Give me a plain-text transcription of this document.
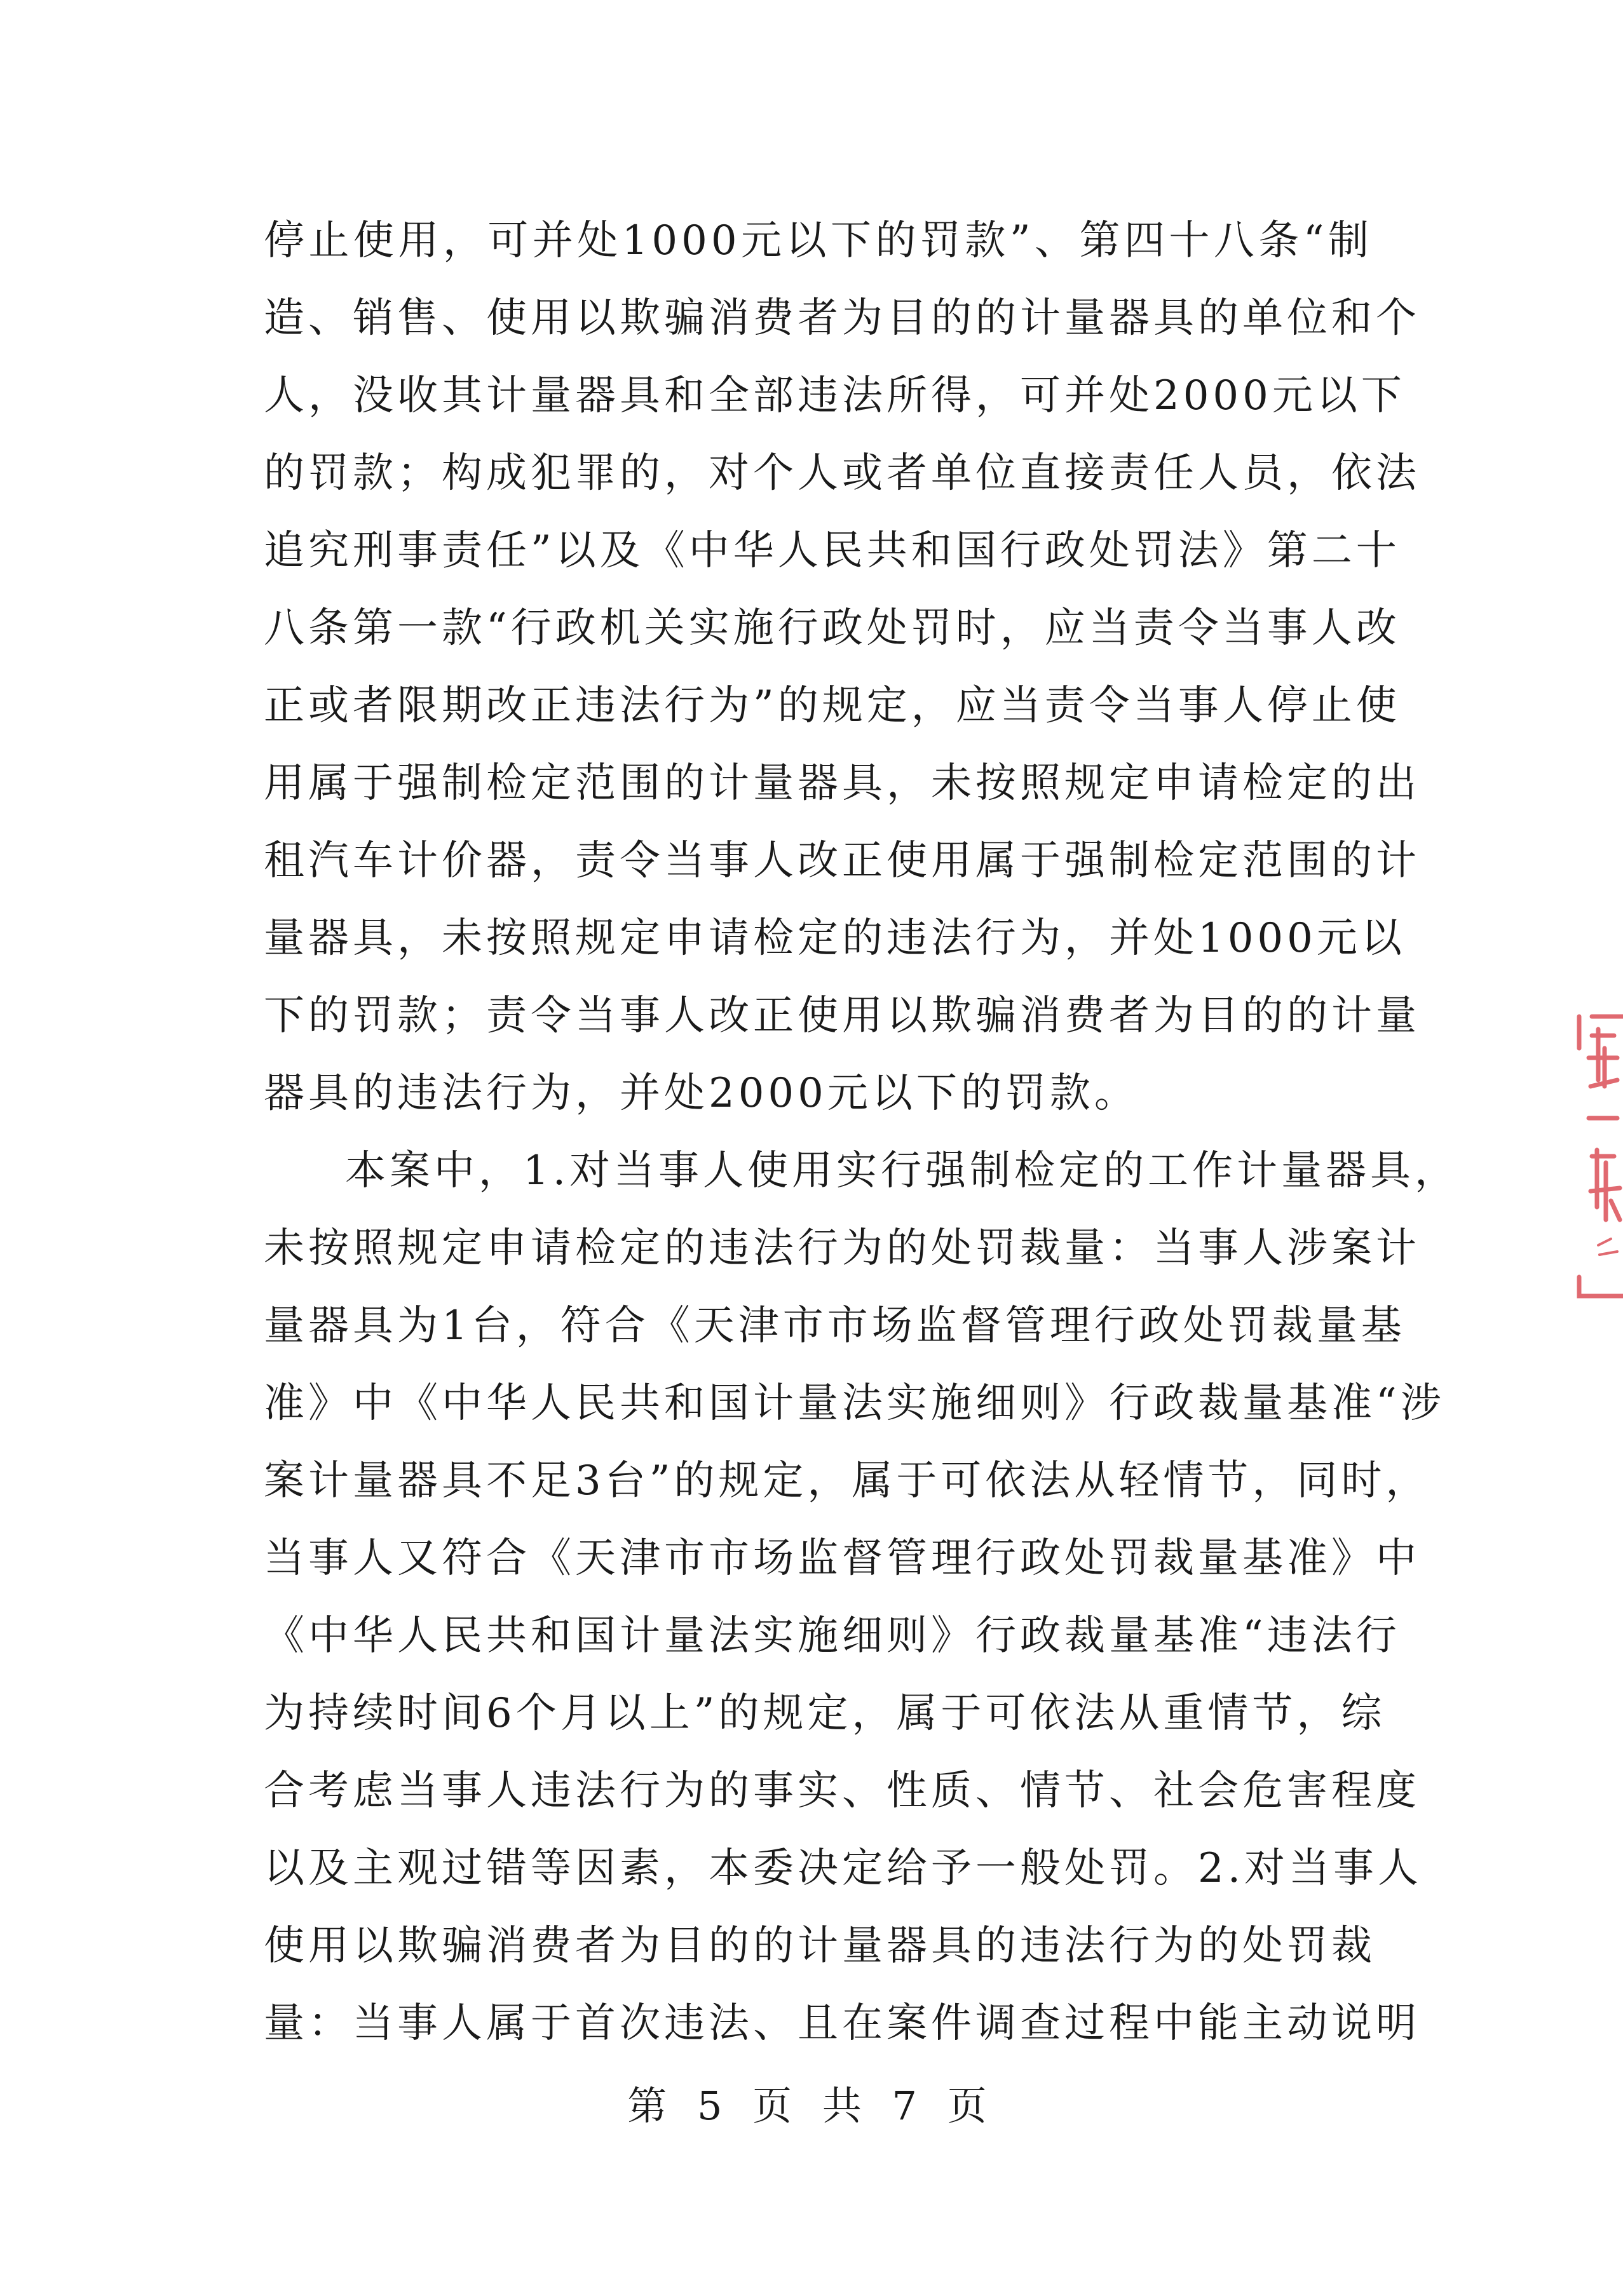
停止使用，可并处1000元以下的罚款”、第四十八条“制
造、销售、使用以欺骗消费者为目的的计量器具的单位和个
人，没收其计量器具和全部违法所得，可并处2000元以下
的罚款；构成犯罪的，对个人或者单位直接责任人员，依法
追究刑事责任”以及《中华人民共和国行政处罚法》第二十
八条第一款“行政机关实施行政处罚时，应当责令当事人改
正或者限期改正违法行为”的规定，应当责令当事人停止使
用属于强制检定范围的计量器具，未按照规定申请检定的出
租汽车计价器，责令当事人改正使用属于强制检定范围的计
量器具，未按照规定申请检定的违法行为，并处1000元以
下的罚款；责令当事人改正使用以欺骗消费者为目的的计量
器具的违法行为，并处2000元以下的罚款。
本案中，1.对当事人使用实行强制检定的工作计量器具，
未按照规定申请检定的违法行为的处罚裁量：当事人涉案计
量器具为1台，符合《天津市市场监督管理行政处罚裁量基
准》中《中华人民共和国计量法实施细则》行政裁量基准“涉
案计量器具不足3台”的规定，属于可依法从轻情节，同时，
当事人又符合《天津市市场监督管理行政处罚裁量基准》中
《中华人民共和国计量法实施细则》行政裁量基准“违法行
为持续时间6个月以上”的规定，属于可依法从重情节，综
合考虑当事人违法行为的事实、性质、情节、社会危害程度
以及主观过错等因素，本委决定给予一般处罚。2.对当事人
使用以欺骗消费者为目的的计量器具的违法行为的处罚裁
量：当事人属于首次违法、且在案件调查过程中能主动说明
第 5 页 共 7 页
